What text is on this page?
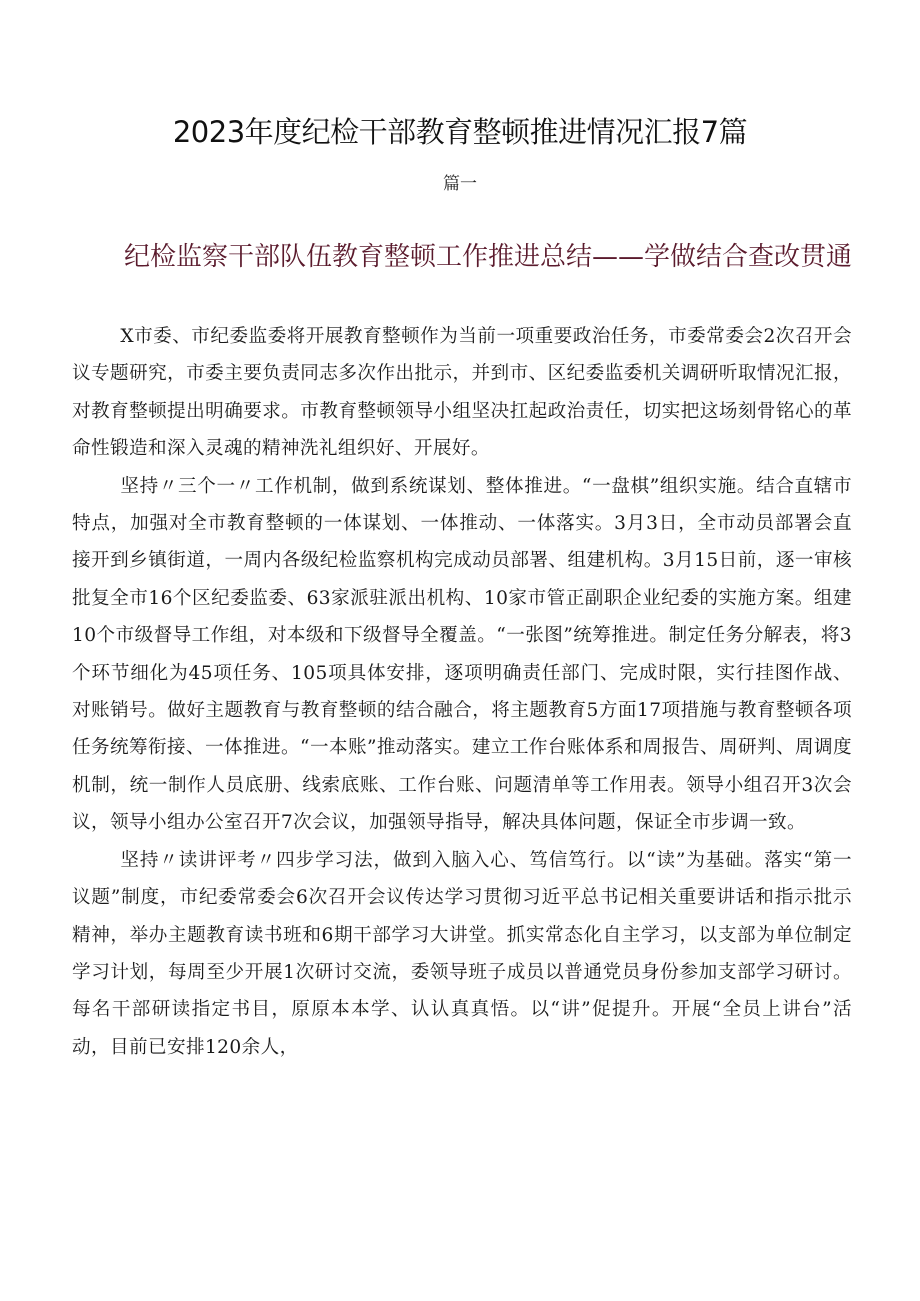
2023年度纪检干部教育整顿推进情况汇报7篇
篇一
纪检监察干部队伍教育整顿工作推进总结——学做结合查改贯通

X市委、市纪委监委将开展教育整顿作为当前一项重要政治任务，市委常委会2次召开会议专题研究，市委主要负责同志多次作出批示，并到市、区纪委监委机关调研听取情况汇报，对教育整顿提出明确要求。市教育整顿领导小组坚决扛起政治责任，切实把这场刻骨铭心的革命性锻造和深入灵魂的精神洗礼组织好、开展好。

坚持〃三个一〃工作机制，做到系统谋划、整体推进。“一盘棋”组织实施。结合直辖市特点，加强对全市教育整顿的一体谋划、一体推动、一体落实。3月3日，全市动员部署会直接开到乡镇街道，一周内各级纪检监察机构完成动员部署、组建机构。3月15日前，逐一审核批复全市16个区纪委监委、63家派驻派出机构、10家市管正副职企业纪委的实施方案。组建10个市级督导工作组，对本级和下级督导全覆盖。“一张图”统筹推进。制定任务分解表，将3个环节细化为45项任务、105项具体安排，逐项明确责任部门、完成时限，实行挂图作战、对账销号。做好主题教育与教育整顿的结合融合，将主题教育5方面17项措施与教育整顿各项任务统筹衔接、一体推进。“一本账”推动落实。建立工作台账体系和周报告、周研判、周调度机制，统一制作人员底册、线索底账、工作台账、问题清单等工作用表。领导小组召开3次会议，领导小组办公室召开7次会议，加强领导指导，解决具体问题，保证全市步调一致。

坚持〃读讲评考〃四步学习法，做到入脑入心、笃信笃行。以“读”为基础。落实“第一议题”制度，市纪委常委会6次召开会议传达学习贯彻习近平总书记相关重要讲话和指示批示精神，举办主题教育读书班和6期干部学习大讲堂。抓实常态化自主学习，以支部为单位制定学习计划，每周至少开展1次研讨交流，委领导班子成员以普通党员身份参加支部学习研讨。每名干部研读指定书目，原原本本学、认认真真悟。以“讲”促提升。开展“全员上讲台”活动，目前已安排120余人，
